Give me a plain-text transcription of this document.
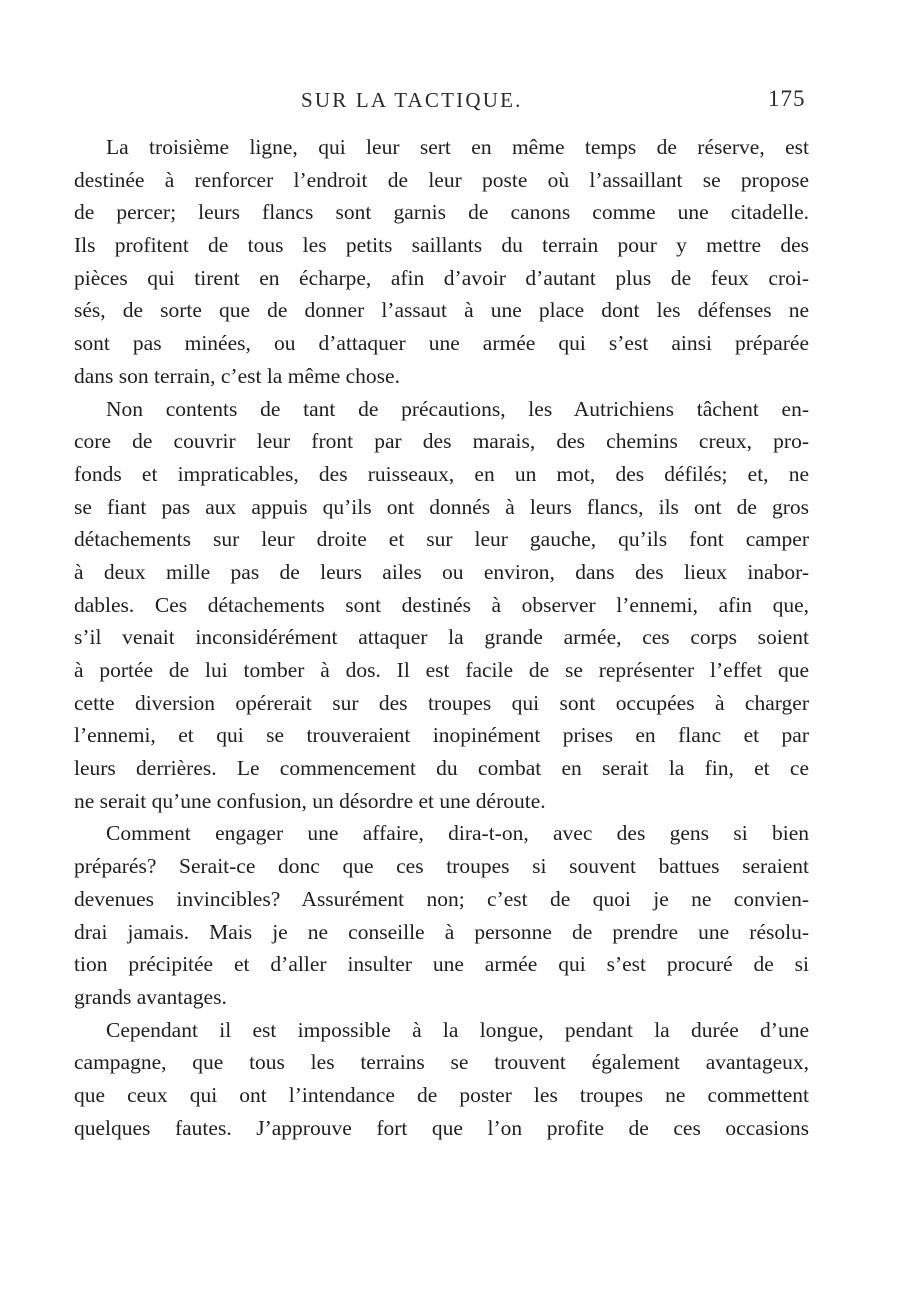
SUR LA TACTIQUE.	175

La troisième ligne, qui leur sert en même temps de réserve, est
destinée à renforcer l’endroit de leur poste où l’assaillant se propose
de percer; leurs flancs sont garnis de canons comme une citadelle.
Ils profitent de tous les petits saillants du terrain pour y mettre des
pièces qui tirent en écharpe, afin d’avoir d’autant plus de feux croi-
sés, de sorte que de donner l’assaut à une place dont les défenses ne
sont pas minées, ou d’attaquer une armée qui s’est ainsi préparée
dans son terrain, c’est la même chose.

Non contents de tant de précautions, les Autrichiens tâchent en-
core de couvrir leur front par des marais, des chemins creux, pro-
fonds et impraticables, des ruisseaux, en un mot, des défilés; et, ne
se fiant pas aux appuis qu’ils ont donnés à leurs flancs, ils ont de gros
détachements sur leur droite et sur leur gauche, qu’ils font camper
à deux mille pas de leurs ailes ou environ, dans des lieux inabor-
dables. Ces détachements sont destinés à observer l’ennemi, afin que,
s’il venait inconsidérément attaquer la grande armée, ces corps soient
à portée de lui tomber à dos. Il est facile de se représenter l’effet que
cette diversion opérerait sur des troupes qui sont occupées à charger
l’ennemi, et qui se trouveraient inopinément prises en flanc et par
leurs derrières. Le commencement du combat en serait la fin, et ce
ne serait qu’une confusion, un désordre et une déroute.

Comment engager une affaire, dira-t-on, avec des gens si bien
préparés? Serait-ce donc que ces troupes si souvent battues seraient
devenues invincibles? Assurément non; c’est de quoi je ne convien-
drai jamais. Mais je ne conseille à personne de prendre une résolu-
tion précipitée et d’aller insulter une armée qui s’est procuré de si
grands avantages.

Cependant il est impossible à la longue, pendant la durée d’une
campagne, que tous les terrains se trouvent également avantageux,
que ceux qui ont l’intendance de poster les troupes ne commettent
quelques fautes. J’approuve fort que l’on profite de ces occasions
